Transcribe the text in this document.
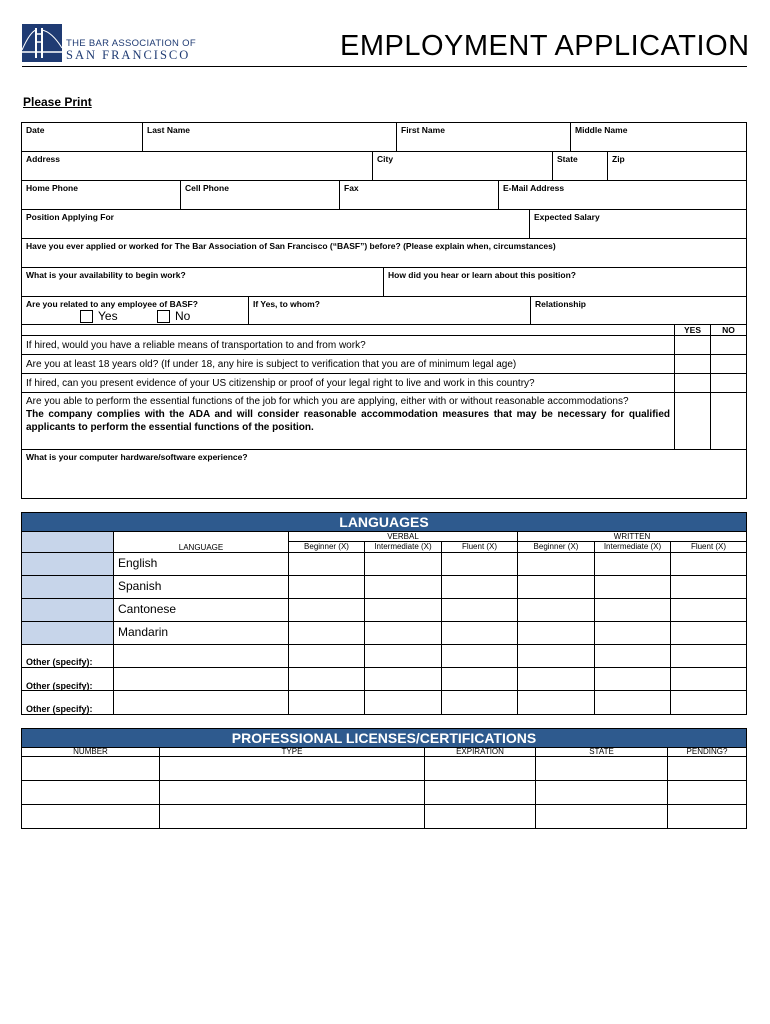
THE BAR ASSOCIATION OF
SAN FRANCISCO	EMPLOYMENT APPLICATION
Please Print
Date	Last Name	First Name	Middle Name
Address	City	State	Zip
Home Phone	Cell Phone	Fax	E-Mail Address
Position Applying For	Expected Salary
Have you ever applied or worked for The Bar Association of San Francisco (“BASF”) before? (Please explain when, circumstances)
What is your availability to begin work?	How did you hear or learn about this position?
Are you related to any employee of BASF?
Yes	No
If Yes, to whom?	Relationship
YES	NO
If hired, would you have a reliable means of transportation to and from work?
Are you at least 18 years old? (If under 18, any hire is subject to verification that you are of minimum legal age)
If hired, can you present evidence of your US citizenship or proof of your legal right to live and work in this country?
Are you able to perform the essential functions of the job for which you are applying, either with or without reasonable accommodations?
The company complies with the ADA and will consider reasonable accommodation measures that may be necessary for qualified applicants to perform the essential functions of the position.
What is your computer hardware/software experience?
LANGUAGES
LANGUAGE
VERBAL	WRITTEN
Beginner (X)	Intermediate (X)	Fluent (X)	Beginner (X)	Intermediate (X)	Fluent (X)
English
Spanish
Cantonese
Mandarin
Other (specify):
Other (specify):
Other (specify):
PROFESSIONAL LICENSES/CERTIFICATIONS
NUMBER	TYPE	EXPIRATION	STATE	PENDING?
